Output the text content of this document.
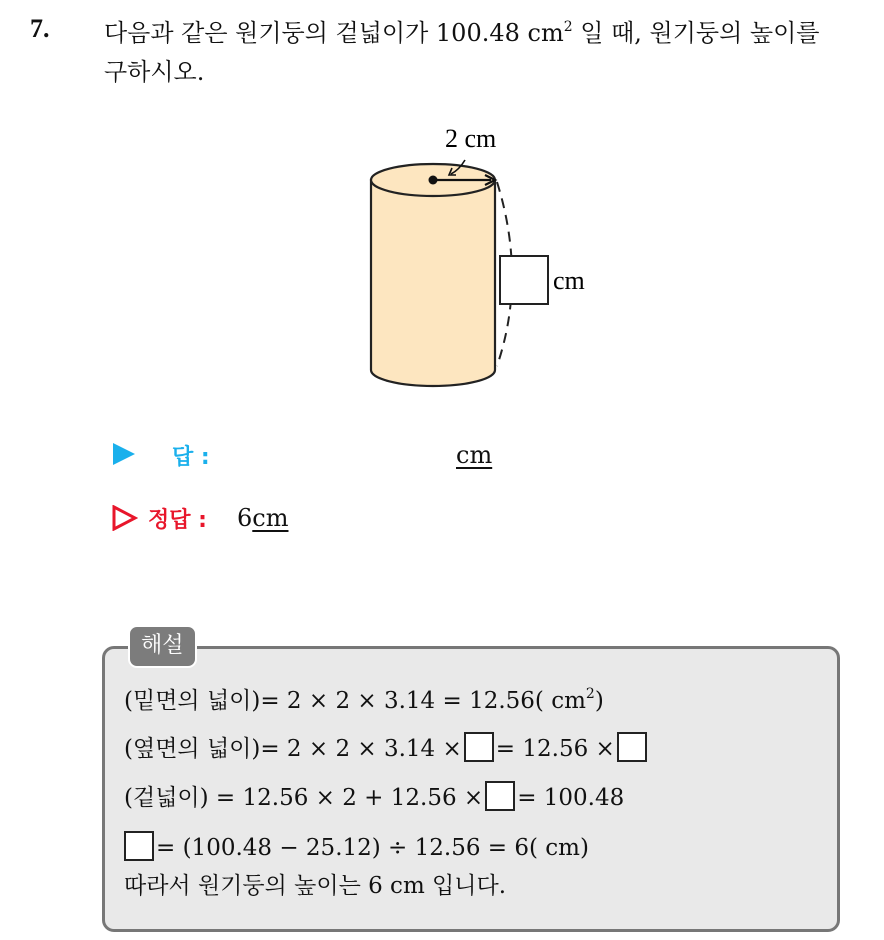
7. 다음과 같은 원기둥의 겉넓이가 100.48 $cm^2$ 일 때, 원기둥의 높이를
구하시오.
2 cm
cm
답 :	cm
정답 : 6cm
해설
(밑면의 넓이)= 2 × 2 × 3.14 = 12.56( $cm^2$)
(옆면의 넓이)= 2 × 2 × 3.14 × = 12.56 ×
(겉넓이) = 12.56 × 2 + 12.56 × = 100.48
= (100.48 − 25.12) ÷ 12.56 = 6( cm)
따라서 원기둥의 높이는 6 cm 입니다.
